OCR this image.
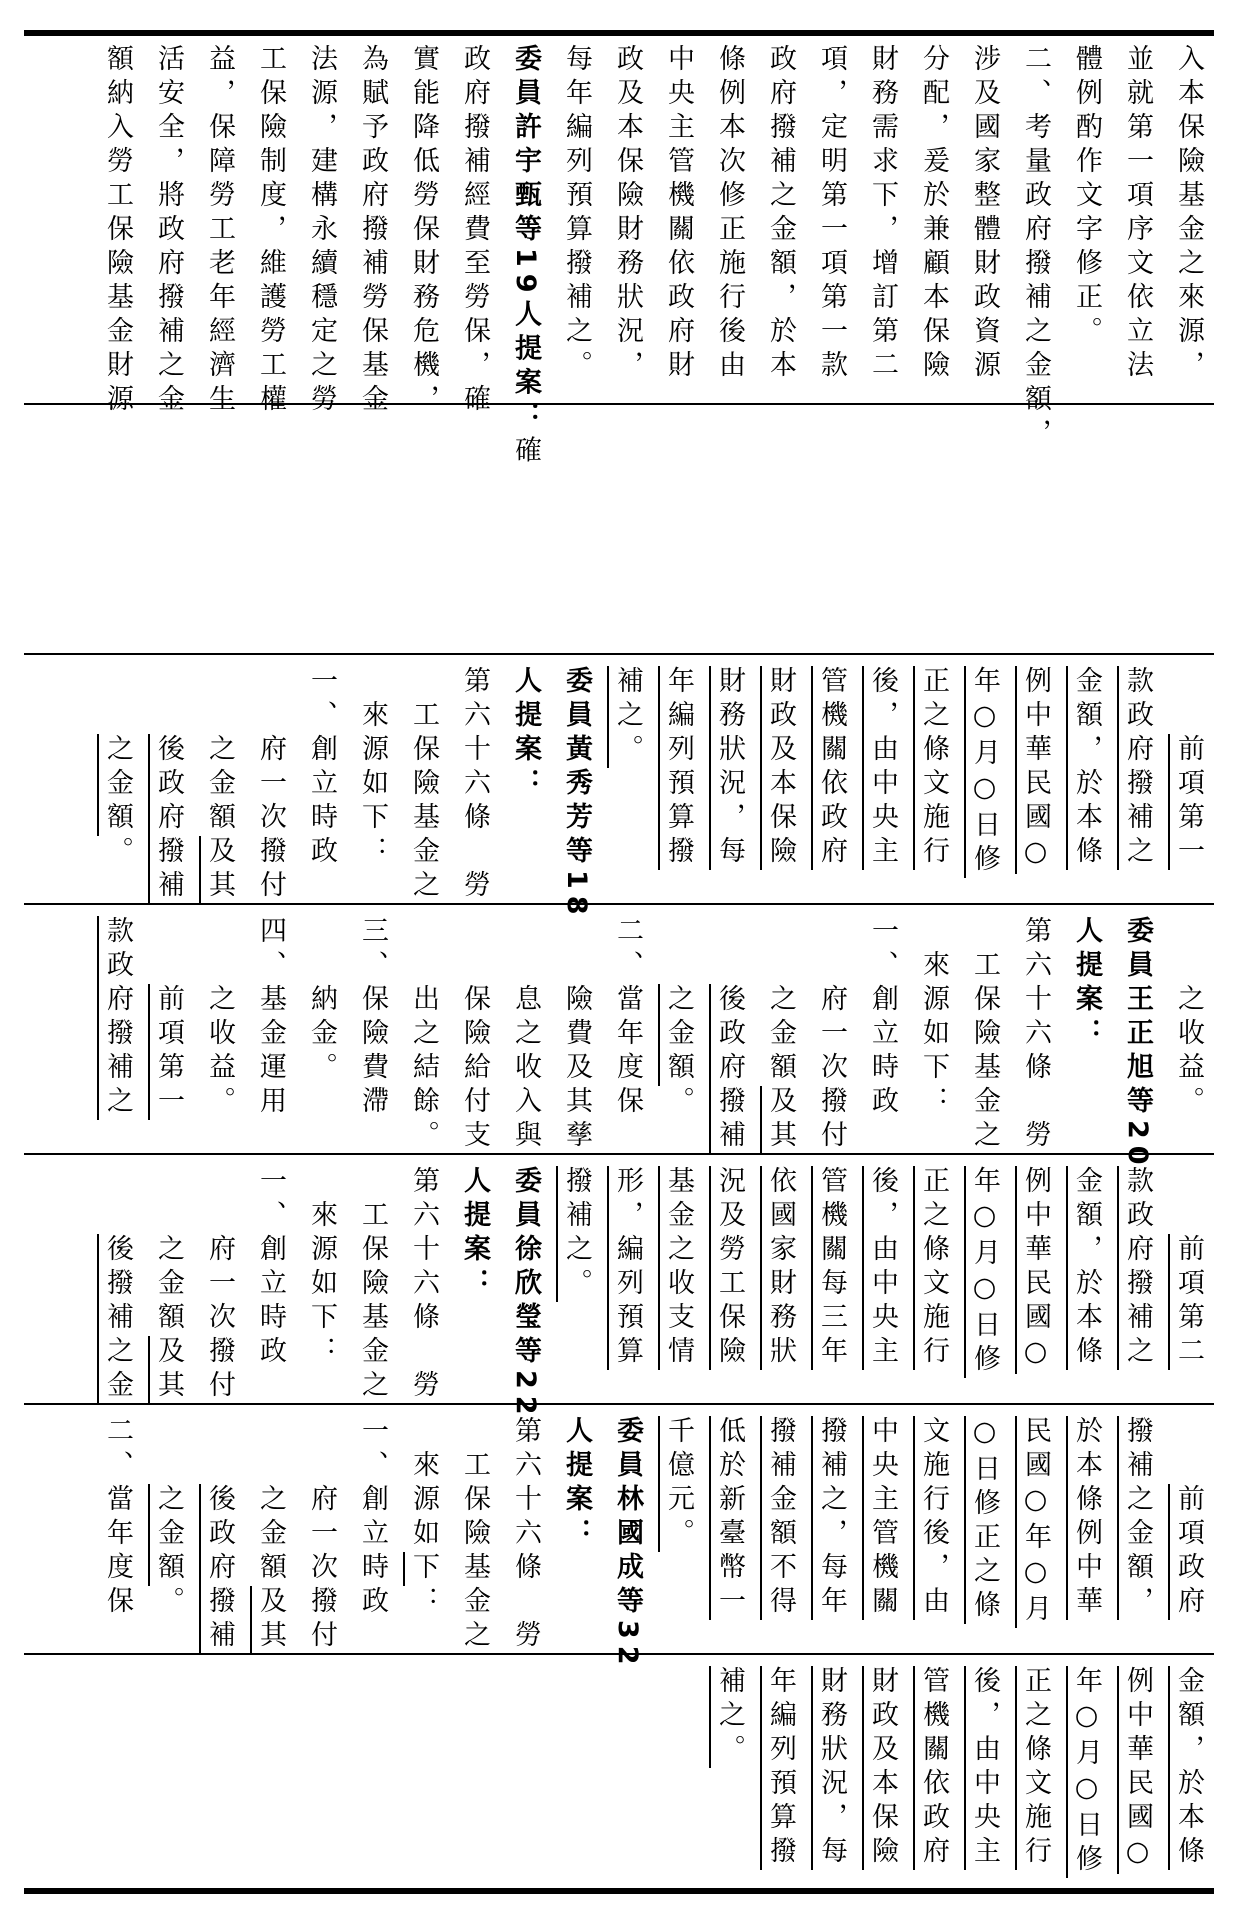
入本保險基金之來源，
並就第一項序文依立法
體例酌作文字修正。
二、考量政府撥補之金額，
涉及國家整體財政資源
分配，爰於兼顧本保險
財務需求下，增訂第二
項，定明第一項第一款
政府撥補之金額，於本
條例本次修正施行後由
中央主管機關依政府財
政及本保險財務狀況，
每年編列預算撥補之。
委員許宇甄等19人提案：確
政府撥補經費至勞保，確
實能降低勞保財務危機，
為賦予政府撥補勞保基金
法源，建構永續穩定之勞
工保險制度，維護勞工權
益，保障勞工老年經濟生
活安全，將政府撥補之金
額納入勞工保險基金財源
　　前項第一
款政府撥補之
金額，於本條
例中華民國○
年○月○日修
正之條文施行
後，由中央主
管機關依政府
財政及本保險
財務狀況，每
年編列預算撥
補之。
委員黃秀芳等18
人提案：
第六十六條　勞
　工保險基金之
　來源如下：
一、創立時政
　　府一次撥付
　　之金額及其
　　後政府撥補
　　之金額。
　　之收益。
委員王正旭等20
人提案：
第六十六條　勞
　工保險基金之
　來源如下：
一、創立時政
　　府一次撥付
　　之金額及其
　　後政府撥補
　　之金額。
二、當年度保
　　險費及其孳
　　息之收入與
　　保險給付支
　　出之結餘。
三、保險費滯
　　納金。
四、基金運用
　　之收益。
　　前項第一
款政府撥補之
　　前項第二
款政府撥補之
金額，於本條
例中華民國○
年○月○日修
正之條文施行
後，由中央主
管機關每三年
依國家財務狀
況及勞工保險
基金之收支情
形，編列預算
撥補之。
委員徐欣瑩等22
人提案：
第六十六條　勞
　工保險基金之
　來源如下：
一、創立時政
　　府一次撥付
　　之金額及其
　　後撥補之金
　　前項政府
撥補之金額，
於本條例中華
民國○年○月
○日修正之條
文施行後，由
中央主管機關
撥補之，每年
撥補金額不得
低於新臺幣一
千億元。
委員林國成等32
人提案：
第六十六條　勞
　工保險基金之
　來源如下：
一、創立時政
　　府一次撥付
　　之金額及其
　　後政府撥補
　　之金額。
二、當年度保
金額，於本條
例中華民國○
年○月○日修
正之條文施行
後，由中央主
管機關依政府
財政及本保險
財務狀況，每
年編列預算撥
補之。
